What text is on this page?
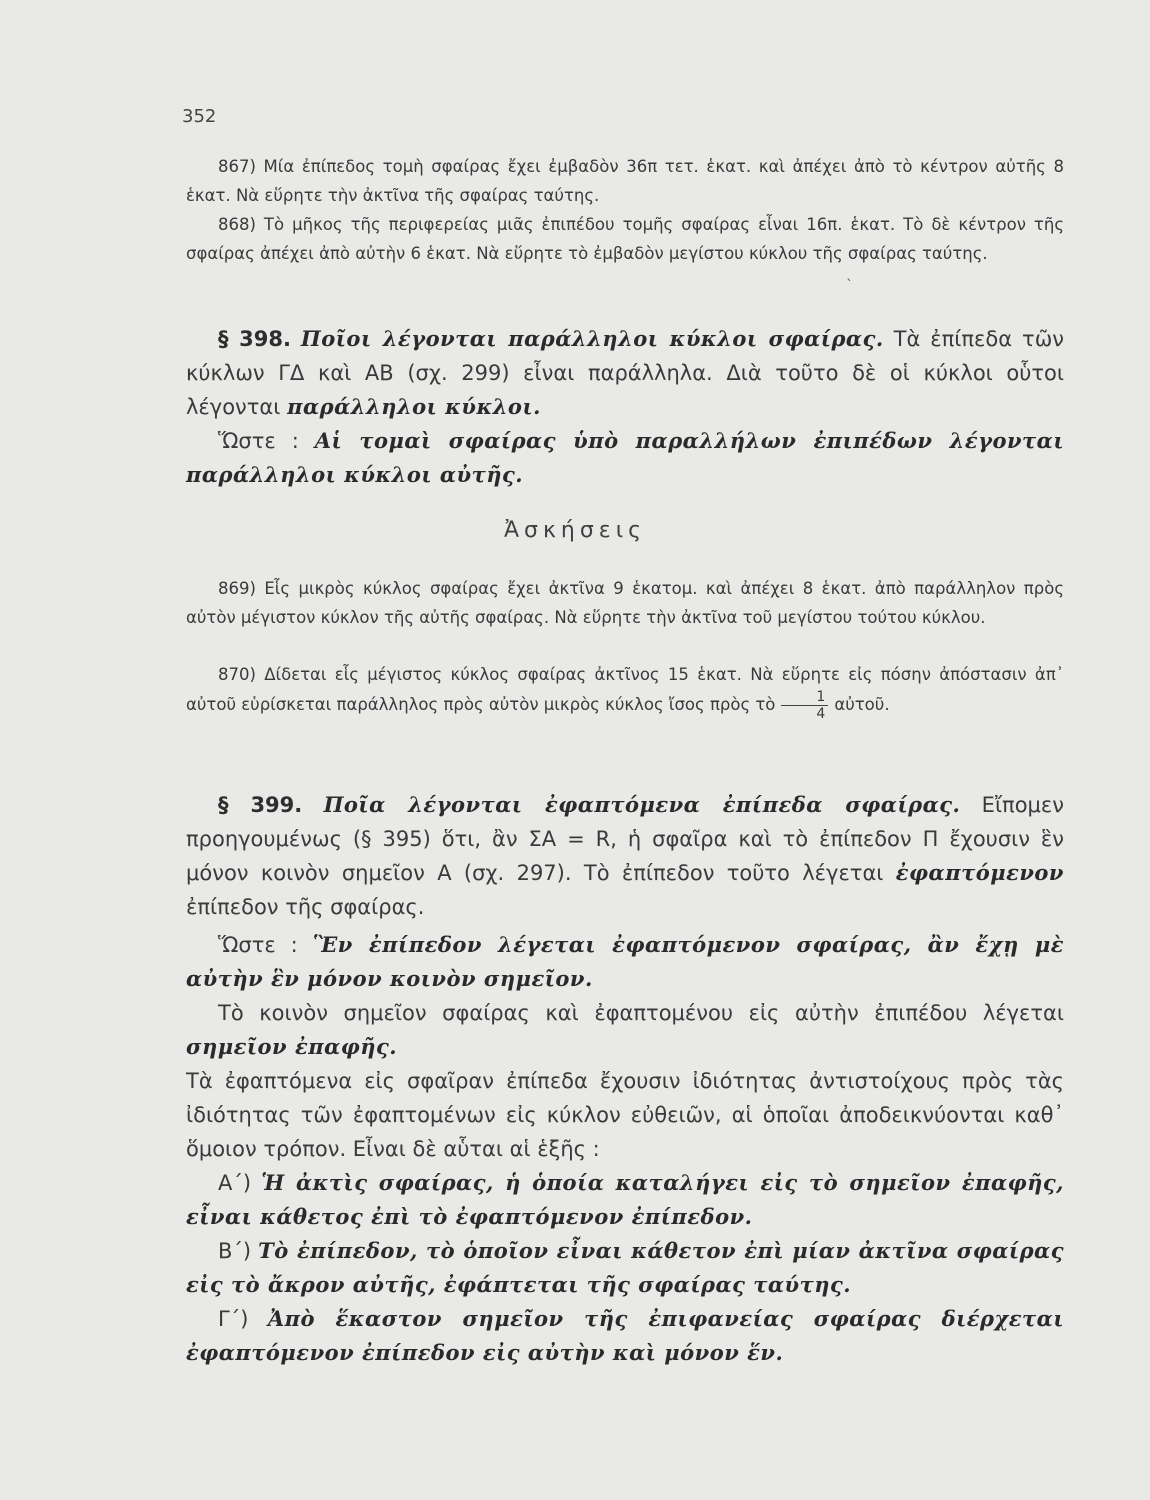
352
867) Μία ἐπίπεδος τομὴ σφαίρας ἔχει ἐμβαδὸν 36π τετ. ἑκατ. καὶ ἀπέχει ἀπὸ τὸ κέντρον αὐτῆς 8 ἑκατ. Νὰ εὕρητε τὴν ἀκτῖνα τῆς σφαίρας ταύτης.
868) Τὸ μῆκος τῆς περιφερείας μιᾶς ἐπιπέδου τομῆς σφαίρας εἶναι 16π. ἑκατ. Τὸ δὲ κέντρον τῆς σφαίρας ἀπέχει ἀπὸ αὐτὴν 6 ἑκατ. Νὰ εὕρητε τὸ ἐμβαδὸν μεγίστου κύκλου τῆς σφαίρας ταύτης.
`
§ 398. Ποῖοι λέγονται παράλληλοι κύκλοι σφαίρας. Τὰ ἐπίπεδα τῶν κύκλων ΓΔ καὶ ΑΒ (σχ. 299) εἶναι παράλληλα. Διὰ τοῦτο δὲ οἱ κύκλοι οὗτοι λέγονται παράλληλοι κύκλοι.
Ὥστε : Αἱ τομαὶ σφαίρας ὑπὸ παραλλήλων ἐπιπέδων λέγονται παράλληλοι κύκλοι αὐτῆς.
Ἀσκήσεις
869) Εἷς μικρὸς κύκλος σφαίρας ἔχει ἀκτῖνα 9 ἑκατομ. καὶ ἀπέχει 8 ἑκατ. ἀπὸ παράλληλον πρὸς αὐτὸν μέγιστον κύκλον τῆς αὐτῆς σφαίρας. Νὰ εὕρητε τὴν ἀκτῖνα τοῦ μεγίστου τούτου κύκλου.
870) Δίδεται εἷς μέγιστος κύκλος σφαίρας ἀκτῖνος 15 ἑκατ. Νὰ εὕρητε εἰς πόσην ἀπόστασιν ἀπ᾽ αὐτοῦ εὑρίσκεται παράλληλος πρὸς αὐτὸν μικρὸς κύκλος ἴσος πρὸς τὸ $\frac{1}{4}$ αὐτοῦ.
§ 399. Ποῖα λέγονται ἐφαπτόμενα ἐπίπεδα σφαίρας. Εἴπομεν προηγουμένως (§ 395) ὅτι, ἂν ΣΑ = R, ἡ σφαῖρα καὶ τὸ ἐπίπεδον Π ἔχουσιν ἓν μόνον κοινὸν σημεῖον Α (σχ. 297). Τὸ ἐπίπεδον τοῦτο λέγεται ἐφαπτόμενον ἐπίπεδον τῆς σφαίρας.
Ὥστε : Ἓν ἐπίπεδον λέγεται ἐφαπτόμενον σφαίρας, ἂν ἔχῃ μὲ αὐτὴν ἓν μόνον κοινὸν σημεῖον.
Τὸ κοινὸν σημεῖον σφαίρας καὶ ἐφαπτομένου εἰς αὐτὴν ἐπιπέδου λέγεται σημεῖον ἐπαφῆς.
Τὰ ἐφαπτόμενα εἰς σφαῖραν ἐπίπεδα ἔχουσιν ἰδιότητας ἀντιστοίχους πρὸς τὰς ἰδιότητας τῶν ἐφαπτομένων εἰς κύκλον εὐθειῶν, αἱ ὁποῖαι ἀποδεικνύονται καθ᾽ ὅμοιον τρόπον. Εἶναι δὲ αὗται αἱ ἑξῆς :
Α΄) Ἡ ἀκτὶς σφαίρας, ἡ ὁποία καταλήγει εἰς τὸ σημεῖον ἐπαφῆς, εἶναι κάθετος ἐπὶ τὸ ἐφαπτόμενον ἐπίπεδον.
Β΄) Τὸ ἐπίπεδον, τὸ ὁποῖον εἶναι κάθετον ἐπὶ μίαν ἀκτῖνα σφαίρας εἰς τὸ ἄκρον αὐτῆς, ἐφάπτεται τῆς σφαίρας ταύτης.
Γ΄) Ἀπὸ ἕκαστον σημεῖον τῆς ἐπιφανείας σφαίρας διέρχεται ἐφαπτόμενον ἐπίπεδον εἰς αὐτὴν καὶ μόνον ἕν.
